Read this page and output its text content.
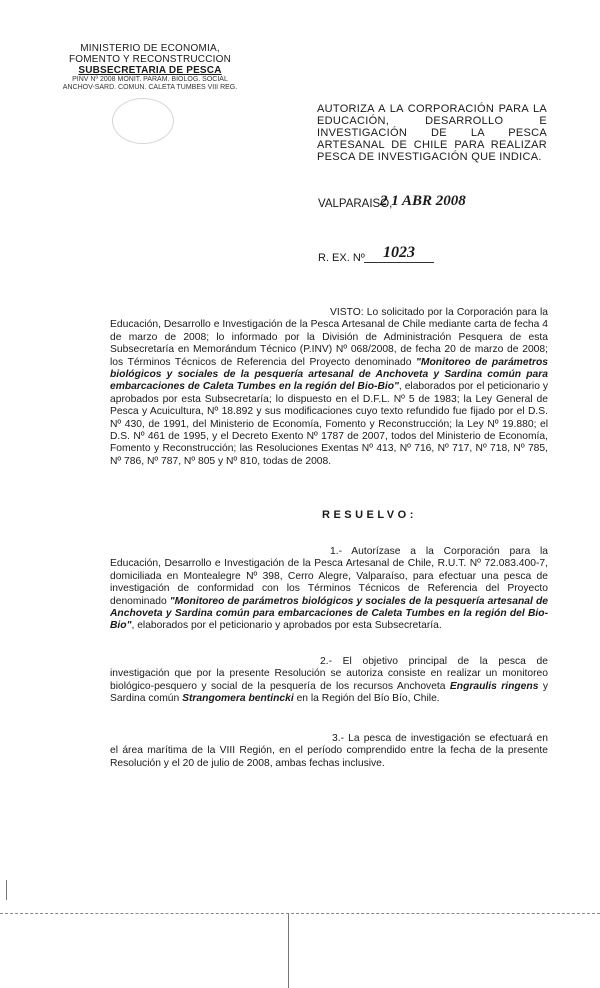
MINISTERIO DE ECONOMIA,
FOMENTO Y RECONSTRUCCION
SUBSECRETARIA DE PESCA
PINV Nº 2008 MONIT. PARAM. BIOLOG. SOCIAL ANCHOV-SARD. COMUN. CALETA TUMBES VIII REG.
AUTORIZA A LA CORPORACIÓN PARA LA EDUCACIÓN, DESARROLLO E INVESTIGACIÓN DE LA PESCA ARTESANAL DE CHILE PARA REALIZAR PESCA DE INVESTIGACIÓN QUE INDICA.
VALPARAISO,
2 1 ABR 2008
R. EX. Nº	1023
VISTO: Lo solicitado por la Corporación para la Educación, Desarrollo e Investigación de la Pesca Artesanal de Chile mediante carta de fecha 4 de marzo de 2008; lo informado por la División de Administración Pesquera de esta Subsecretaría en Memorándum Técnico (P.INV) Nº 068/2008, de fecha 20 de marzo de 2008; los Términos Técnicos de Referencia del Proyecto denominado "Monitoreo de parámetros biológicos y sociales de la pesquería artesanal de Anchoveta y Sardina común para embarcaciones de Caleta Tumbes en la región del Bio-Bio", elaborados por el peticionario y aprobados por esta Subsecretaría; lo dispuesto en el D.F.L. Nº 5 de 1983; la Ley General de Pesca y Acuicultura, Nº 18.892 y sus modificaciones cuyo texto refundido fue fijado por el D.S. Nº 430, de 1991, del Ministerio de Economía, Fomento y Reconstrucción; la Ley Nº 19.880; el D.S. Nº 461 de 1995, y el Decreto Exento Nº 1787 de 2007, todos del Ministerio de Economía, Fomento y Reconstrucción; las Resoluciones Exentas Nº 413, Nº 716, Nº 717, Nº 718, Nº 785, Nº 786, Nº 787, Nº 805 y Nº 810, todas de 2008.
RESUELVO:
1.- Autorízase a la Corporación para la Educación, Desarrollo e Investigación de la Pesca Artesanal de Chile, R.U.T. Nº 72.083.400-7, domiciliada en Montealegre Nº 398, Cerro Alegre, Valparaíso, para efectuar una pesca de investigación de conformidad con los Términos Técnicos de Referencia del Proyecto denominado "Monitoreo de parámetros biológicos y sociales de la pesquería artesanal de Anchoveta y Sardina común para embarcaciones de Caleta Tumbes en la región del Bio-Bio", elaborados por el peticionario y aprobados por esta Subsecretaría.
2.- El objetivo principal de la pesca de investigación que por la presente Resolución se autoriza consiste en realizar un monitoreo biológico-pesquero y social de la pesquería de los recursos Anchoveta Engraulis ringens y Sardina común Strangomera bentincki en la Región del Bío Bío, Chile.
3.- La pesca de investigación se efectuará en el área marítima de la VIII Región, en el período comprendido entre la fecha de la presente Resolución y el 20 de julio de 2008, ambas fechas inclusive.
